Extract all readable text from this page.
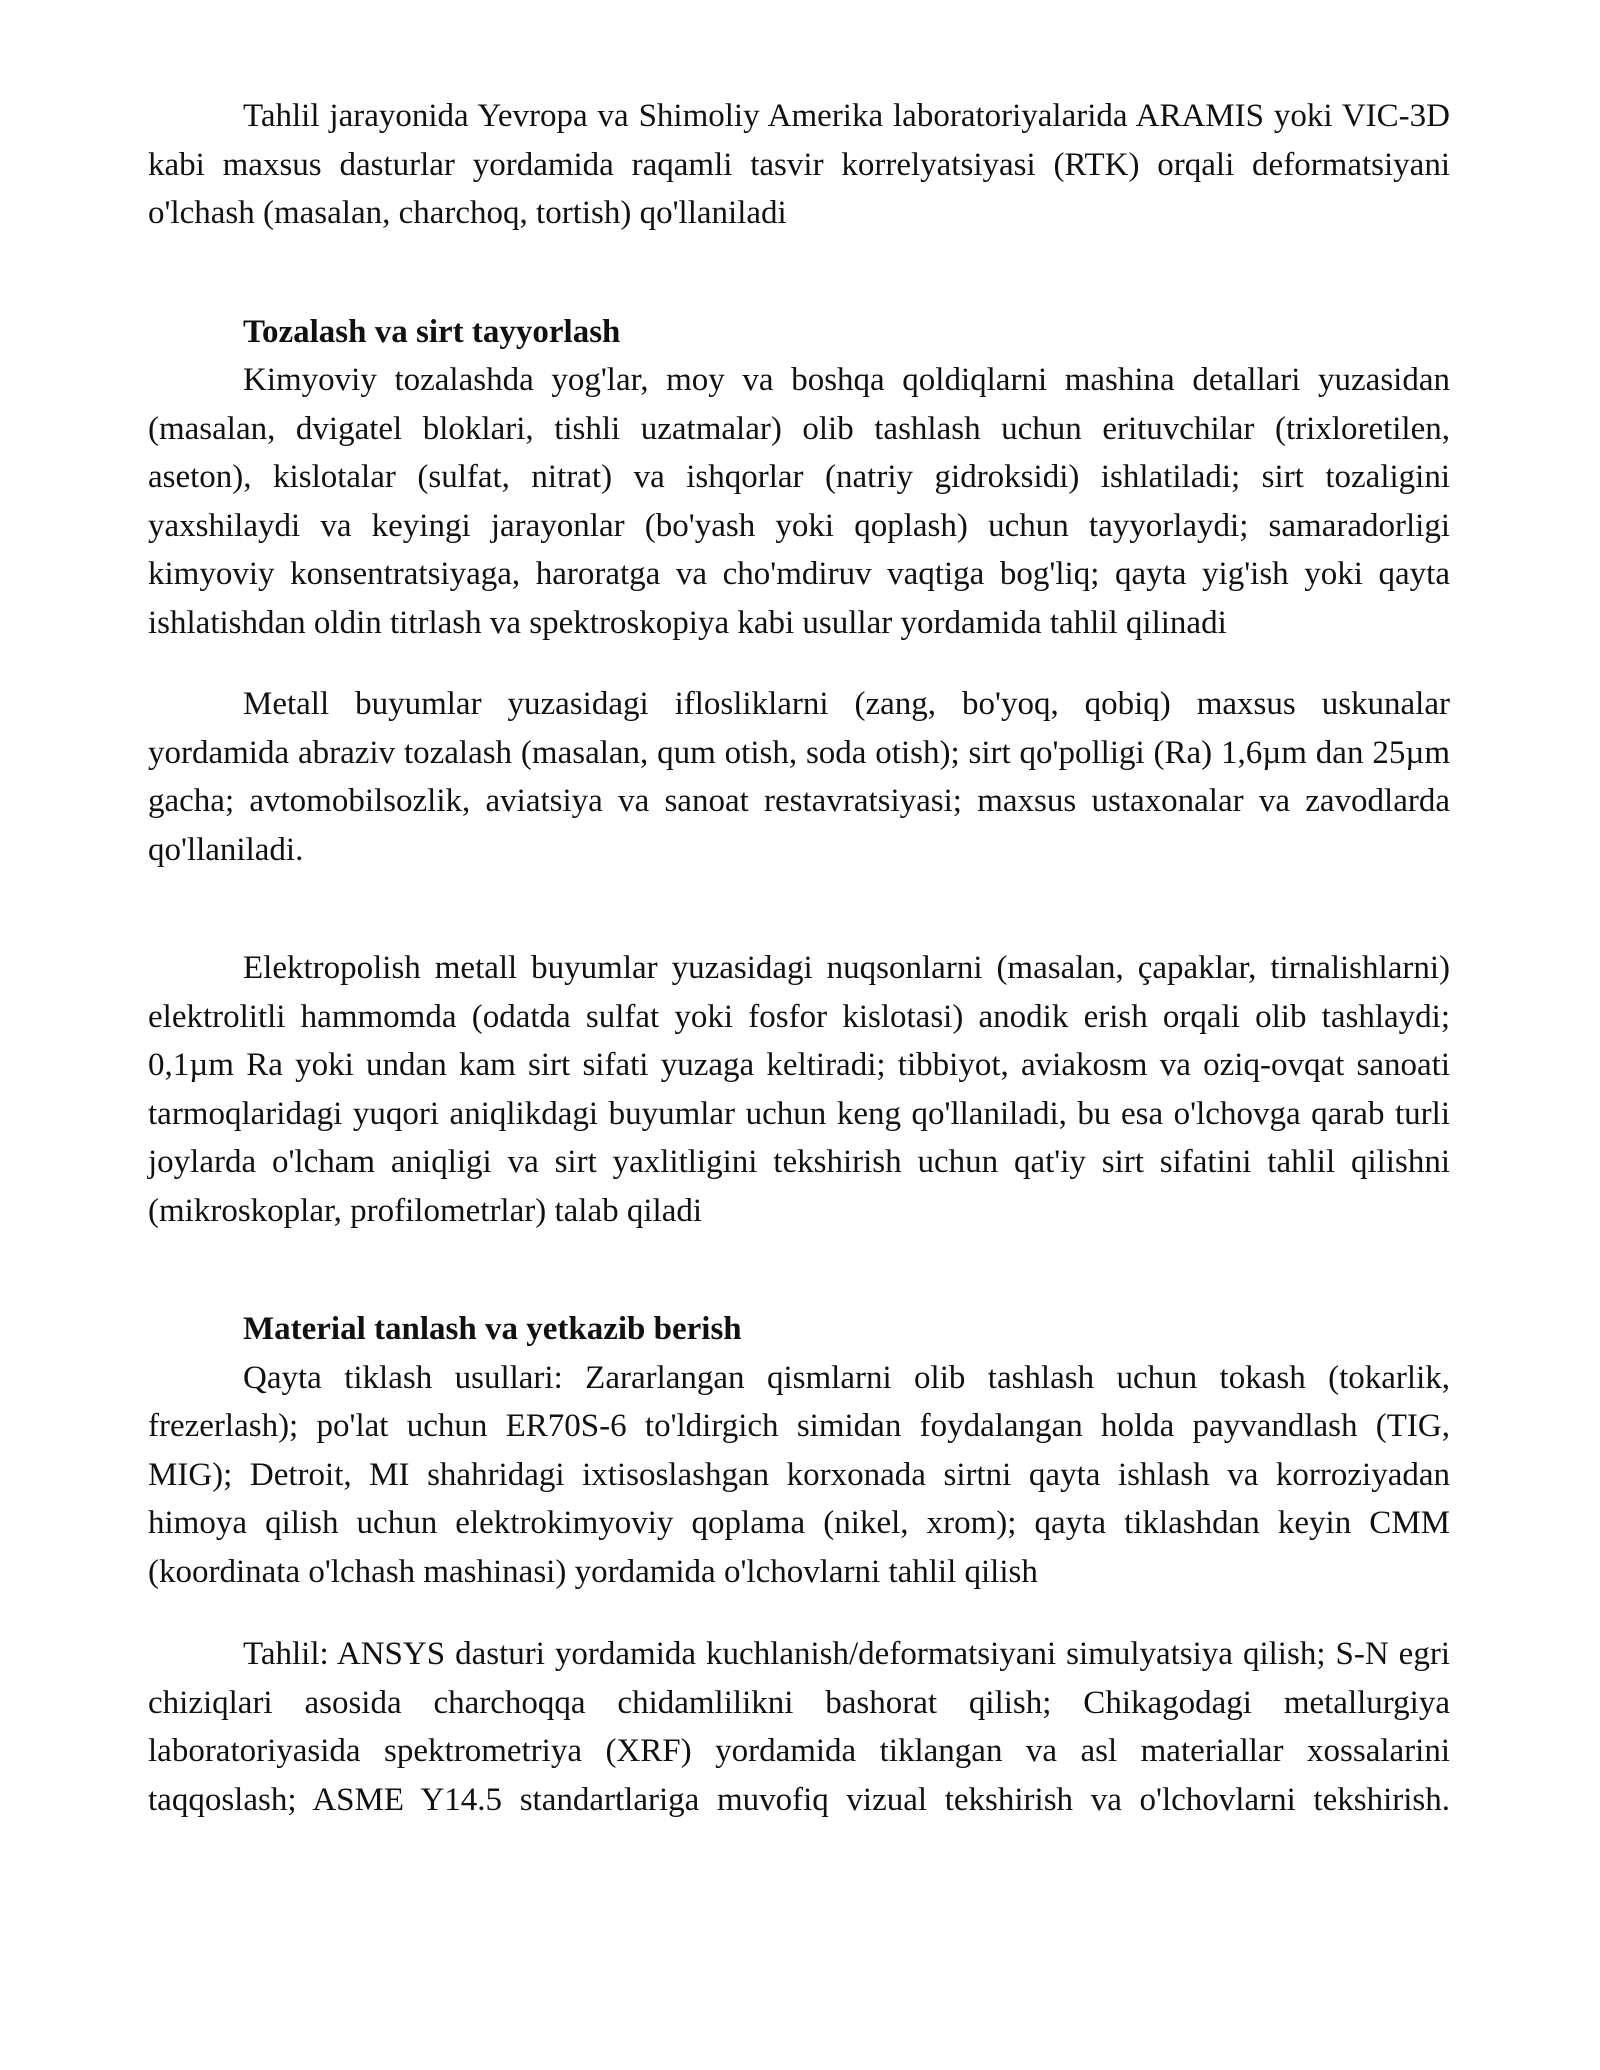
Tahlil jarayonida Yevropa va Shimoliy Amerika laboratoriyalarida ARAMIS yoki VIC-3D kabi maxsus dasturlar yordamida raqamli tasvir korrelyatsiyasi (RTK) orqali deformatsiyani o'lchash (masalan, charchoq, tortish) qo'llaniladi

Tozalash va sirt tayyorlash

Kimyoviy tozalashda yog'lar, moy va boshqa qoldiqlarni mashina detallari yuzasidan (masalan, dvigatel bloklari, tishli uzatmalar) olib tashlash uchun erituvchilar (trixloretilen, aseton), kislotalar (sulfat, nitrat) va ishqorlar (natriy gidroksidi) ishlatiladi; sirt tozaligini yaxshilaydi va keyingi jarayonlar (bo'yash yoki qoplash) uchun tayyorlaydi; samaradorligi kimyoviy konsentratsiyaga, haroratga va cho'mdiruv vaqtiga bog'liq; qayta yig'ish yoki qayta ishlatishdan oldin titrlash va spektroskopiya kabi usullar yordamida tahlil qilinadi

Metall buyumlar yuzasidagi iflosliklarni (zang, bo'yoq, qobiq) maxsus uskunalar yordamida abraziv tozalash (masalan, qum otish, soda otish); sirt qo'polligi (Ra) 1,6µm dan 25µm gacha; avtomobilsozlik, aviatsiya va sanoat restavratsiyasi; maxsus ustaxonalar va zavodlarda qo'llaniladi.

Elektropolish metall buyumlar yuzasidagi nuqsonlarni (masalan, çapaklar, tirnalishlarni) elektrolitli hammomda (odatda sulfat yoki fosfor kislotasi) anodik erish orqali olib tashlaydi; 0,1µm Ra yoki undan kam sirt sifati yuzaga keltiradi; tibbiyot, aviakosm va oziq-ovqat sanoati tarmoqlaridagi yuqori aniqlikdagi buyumlar uchun keng qo'llaniladi, bu esa o'lchovga qarab turli joylarda o'lcham aniqligi va sirt yaxlitligini tekshirish uchun qat'iy sirt sifatini tahlil qilishni (mikroskoplar, profilometrlar) talab qiladi

Material tanlash va yetkazib berish

Qayta tiklash usullari: Zararlangan qismlarni olib tashlash uchun tokash (tokarlik, frezerlash); po'lat uchun ER70S-6 to'ldirgich simidan foydalangan holda payvandlash (TIG, MIG); Detroit, MI shahridagi ixtisoslashgan korxonada sirtni qayta ishlash va korroziyadan himoya qilish uchun elektrokimyoviy qoplama (nikel, xrom); qayta tiklashdan keyin CMM (koordinata o'lchash mashinasi) yordamida o'lchovlarni tahlil qilish

Tahlil: ANSYS dasturi yordamida kuchlanish/deformatsiyani simulyatsiya qilish; S-N egri chiziqlari asosida charchoqqa chidamlilikni bashorat qilish; Chikagodagi metallurgiya laboratoriyasida spektrometriya (XRF) yordamida tiklangan va asl materiallar xossalarini taqqoslash; ASME Y14.5 standartlariga muvofiq vizual tekshirish va o'lchovlarni tekshirish.
